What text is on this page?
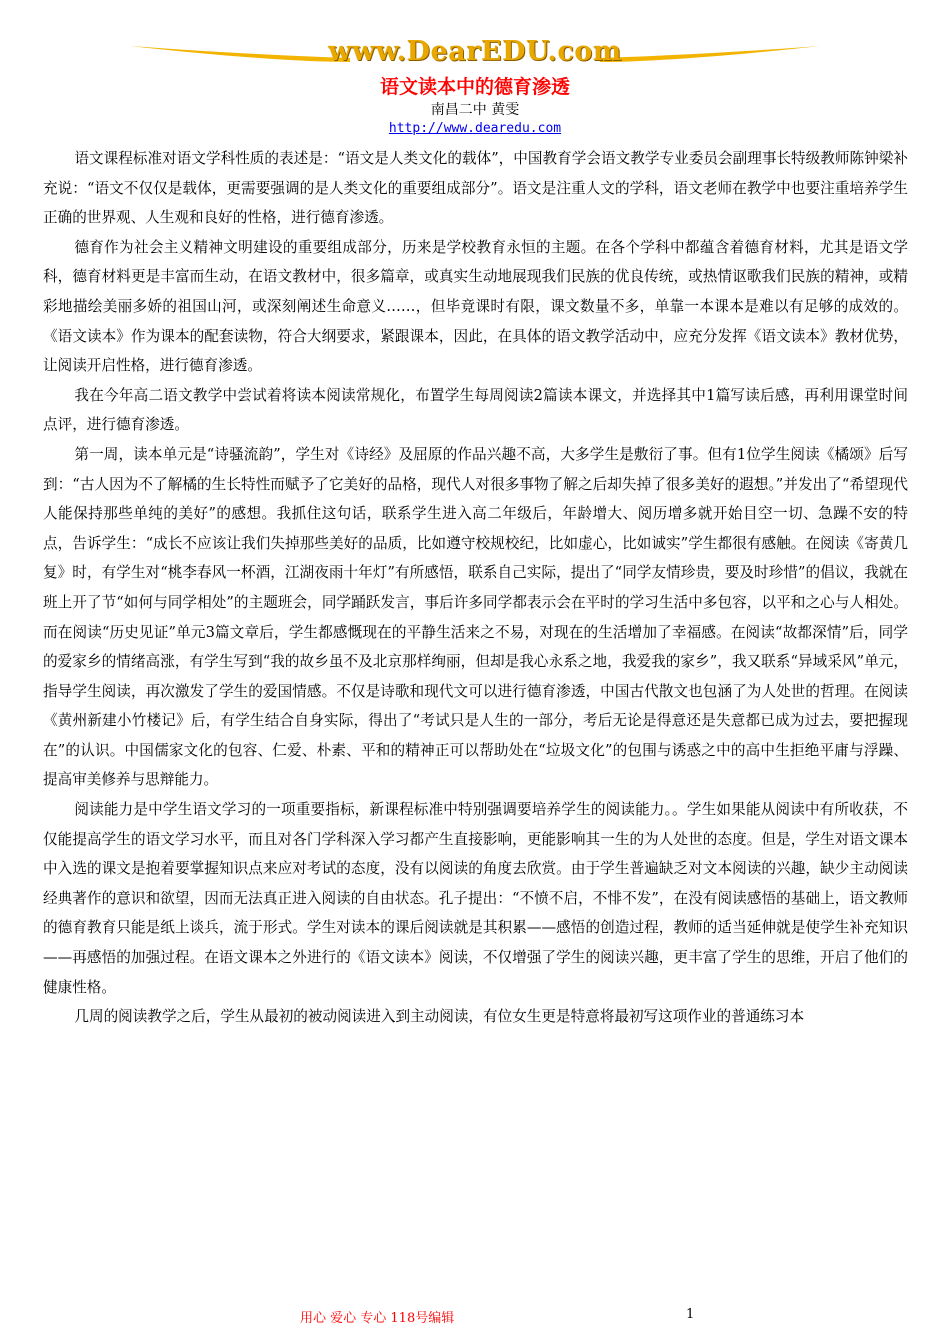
www.DearEDU.com
语文读本中的德育渗透
南昌二中 黄雯
http://www.dearedu.com

语文课程标准对语文学科性质的表述是：“语文是人类文化的载体”，中国教育学会语文教学专业委员会副理事长特级教师陈钟梁补充说：“语文不仅仅是载体，更需要强调的是人类文化的重要组成部分”。语文是注重人文的学科，语文老师在教学中也要注重培养学生正确的世界观、人生观和良好的性格，进行德育渗透。

德育作为社会主义精神文明建设的重要组成部分，历来是学校教育永恒的主题。在各个学科中都蕴含着德育材料，尤其是语文学科，德育材料更是丰富而生动，在语文教材中，很多篇章，或真实生动地展现我们民族的优良传统，或热情讴歌我们民族的精神，或精彩地描绘美丽多娇的祖国山河，或深刻阐述生命意义……，但毕竟课时有限，课文数量不多，单靠一本课本是难以有足够的成效的。《语文读本》作为课本的配套读物，符合大纲要求，紧跟课本，因此，在具体的语文教学活动中，应充分发挥《语文读本》教材优势，让阅读开启性格，进行德育渗透。

我在今年高二语文教学中尝试着将读本阅读常规化，布置学生每周阅读2篇读本课文，并选择其中1篇写读后感，再利用课堂时间点评，进行德育渗透。

第一周，读本单元是“诗骚流韵”，学生对《诗经》及屈原的作品兴趣不高，大多学生是敷衍了事。但有1位学生阅读《橘颂》后写到：“古人因为不了解橘的生长特性而赋予了它美好的品格，现代人对很多事物了解之后却失掉了很多美好的遐想。”并发出了“希望现代人能保持那些单纯的美好”的感想。我抓住这句话，联系学生进入高二年级后，年龄增大、阅历增多就开始目空一切、急躁不安的特点，告诉学生：“成长不应该让我们失掉那些美好的品质，比如遵守校规校纪，比如虚心，比如诚实”学生都很有感触。在阅读《寄黄几复》时，有学生对“桃李春风一杯酒，江湖夜雨十年灯”有所感悟，联系自己实际，提出了“同学友情珍贵，要及时珍惜”的倡议，我就在班上开了节“如何与同学相处”的主题班会，同学踊跃发言，事后许多同学都表示会在平时的学习生活中多包容，以平和之心与人相处。而在阅读“历史见证”单元3篇文章后，学生都感慨现在的平静生活来之不易，对现在的生活增加了幸福感。在阅读“故都深情”后，同学的爱家乡的情绪高涨，有学生写到“我的故乡虽不及北京那样绚丽，但却是我心永系之地，我爱我的家乡”，我又联系“异域采风”单元，指导学生阅读，再次激发了学生的爱国情感。不仅是诗歌和现代文可以进行德育渗透，中国古代散文也包涵了为人处世的哲理。在阅读《黄州新建小竹楼记》后，有学生结合自身实际，得出了“考试只是人生的一部分，考后无论是得意还是失意都已成为过去，要把握现在”的认识。中国儒家文化的包容、仁爱、朴素、平和的精神正可以帮助处在“垃圾文化”的包围与诱惑之中的高中生拒绝平庸与浮躁、提高审美修养与思辩能力。

阅读能力是中学生语文学习的一项重要指标，新课程标准中特别强调要培养学生的阅读能力。。学生如果能从阅读中有所收获，不仅能提高学生的语文学习水平，而且对各门学科深入学习都产生直接影响，更能影响其一生的为人处世的态度。但是，学生对语文课本中入选的课文是抱着要掌握知识点来应对考试的态度，没有以阅读的角度去欣赏。由于学生普遍缺乏对文本阅读的兴趣，缺少主动阅读经典著作的意识和欲望，因而无法真正进入阅读的自由状态。孔子提出：“不愤不启，不悱不发”，在没有阅读感悟的基础上，语文教师的德育教育只能是纸上谈兵，流于形式。学生对读本的课后阅读就是其积累——感悟的创造过程，教师的适当延伸就是使学生补充知识——再感悟的加强过程。在语文课本之外进行的《语文读本》阅读，不仅增强了学生的阅读兴趣，更丰富了学生的思维，开启了他们的健康性格。

几周的阅读教学之后，学生从最初的被动阅读进入到主动阅读，有位女生更是特意将最初写这项作业的普通练习本

用心 爱心 专心 118号编辑	1
